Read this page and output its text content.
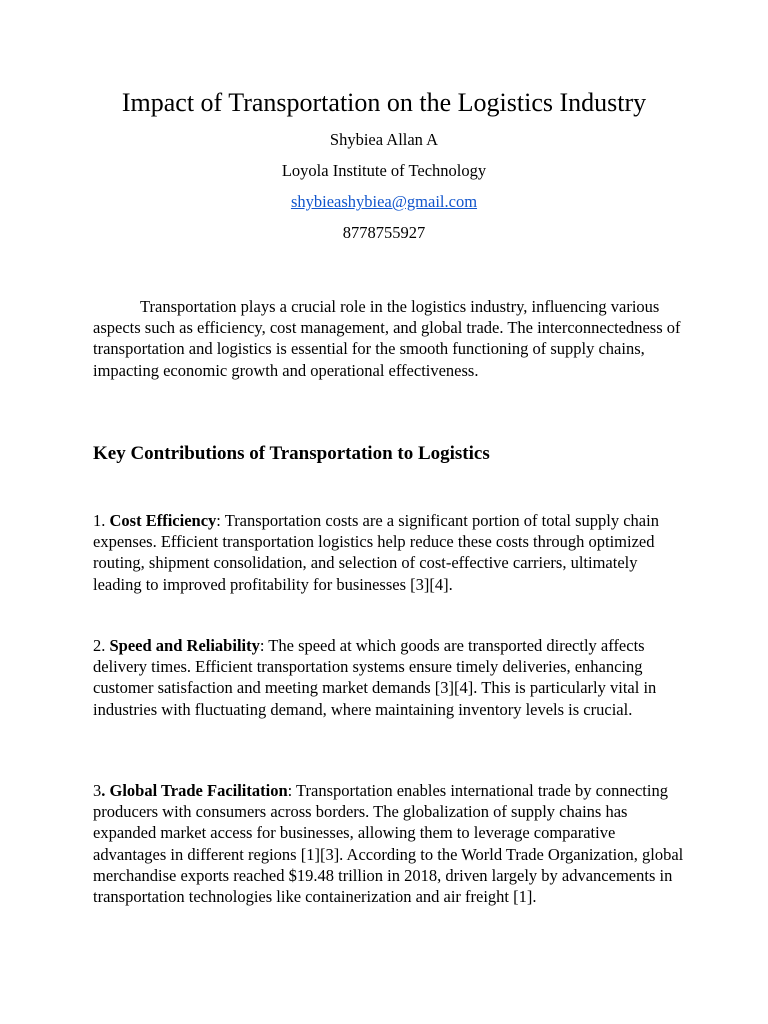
Impact of Transportation on the Logistics Industry

Shybiea Allan A

Loyola Institute of Technology

shybieashybiea@gmail.com

8778755927

Transportation plays a crucial role in the logistics industry, influencing various aspects such as efficiency, cost management, and global trade. The interconnectedness of transportation and logistics is essential for the smooth functioning of supply chains, impacting economic growth and operational effectiveness.

Key Contributions of Transportation to Logistics

1. Cost Efficiency: Transportation costs are a significant portion of total supply chain expenses. Efficient transportation logistics help reduce these costs through optimized routing, shipment consolidation, and selection of cost-effective carriers, ultimately leading to improved profitability for businesses [3][4].

2. Speed and Reliability: The speed at which goods are transported directly affects delivery times. Efficient transportation systems ensure timely deliveries, enhancing customer satisfaction and meeting market demands [3][4]. This is particularly vital in industries with fluctuating demand, where maintaining inventory levels is crucial.

3. Global Trade Facilitation: Transportation enables international trade by connecting producers with consumers across borders. The globalization of supply chains has expanded market access for businesses, allowing them to leverage comparative advantages in different regions [1][3]. According to the World Trade Organization, global merchandise exports reached $19.48 trillion in 2018, driven largely by advancements in transportation technologies like containerization and air freight [1].
